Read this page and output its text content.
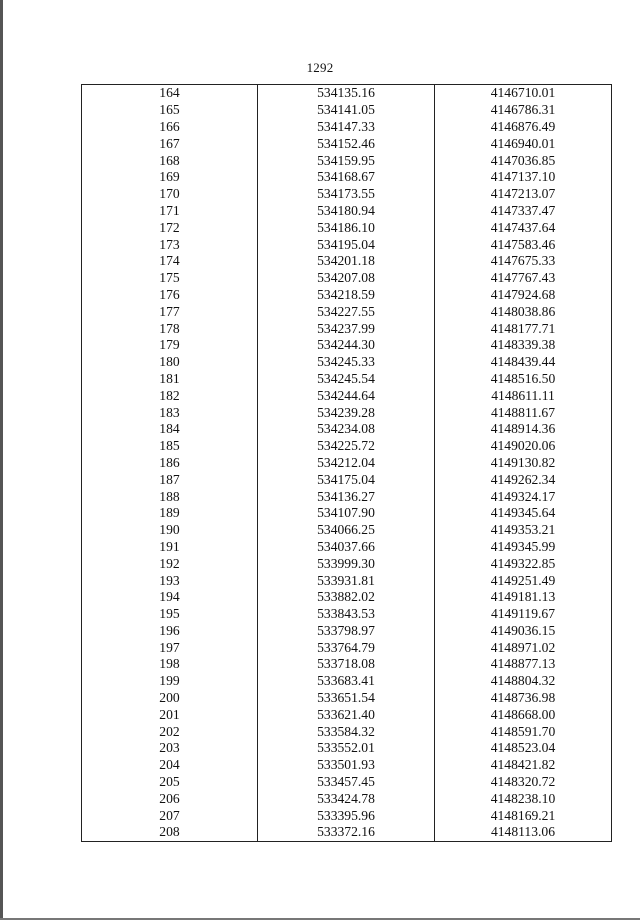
1292
164	534135.16	4146710.01
165	534141.05	4146786.31
166	534147.33	4146876.49
167	534152.46	4146940.01
168	534159.95	4147036.85
169	534168.67	4147137.10
170	534173.55	4147213.07
171	534180.94	4147337.47
172	534186.10	4147437.64
173	534195.04	4147583.46
174	534201.18	4147675.33
175	534207.08	4147767.43
176	534218.59	4147924.68
177	534227.55	4148038.86
178	534237.99	4148177.71
179	534244.30	4148339.38
180	534245.33	4148439.44
181	534245.54	4148516.50
182	534244.64	4148611.11
183	534239.28	4148811.67
184	534234.08	4148914.36
185	534225.72	4149020.06
186	534212.04	4149130.82
187	534175.04	4149262.34
188	534136.27	4149324.17
189	534107.90	4149345.64
190	534066.25	4149353.21
191	534037.66	4149345.99
192	533999.30	4149322.85
193	533931.81	4149251.49
194	533882.02	4149181.13
195	533843.53	4149119.67
196	533798.97	4149036.15
197	533764.79	4148971.02
198	533718.08	4148877.13
199	533683.41	4148804.32
200	533651.54	4148736.98
201	533621.40	4148668.00
202	533584.32	4148591.70
203	533552.01	4148523.04
204	533501.93	4148421.82
205	533457.45	4148320.72
206	533424.78	4148238.10
207	533395.96	4148169.21
208	533372.16	4148113.06
